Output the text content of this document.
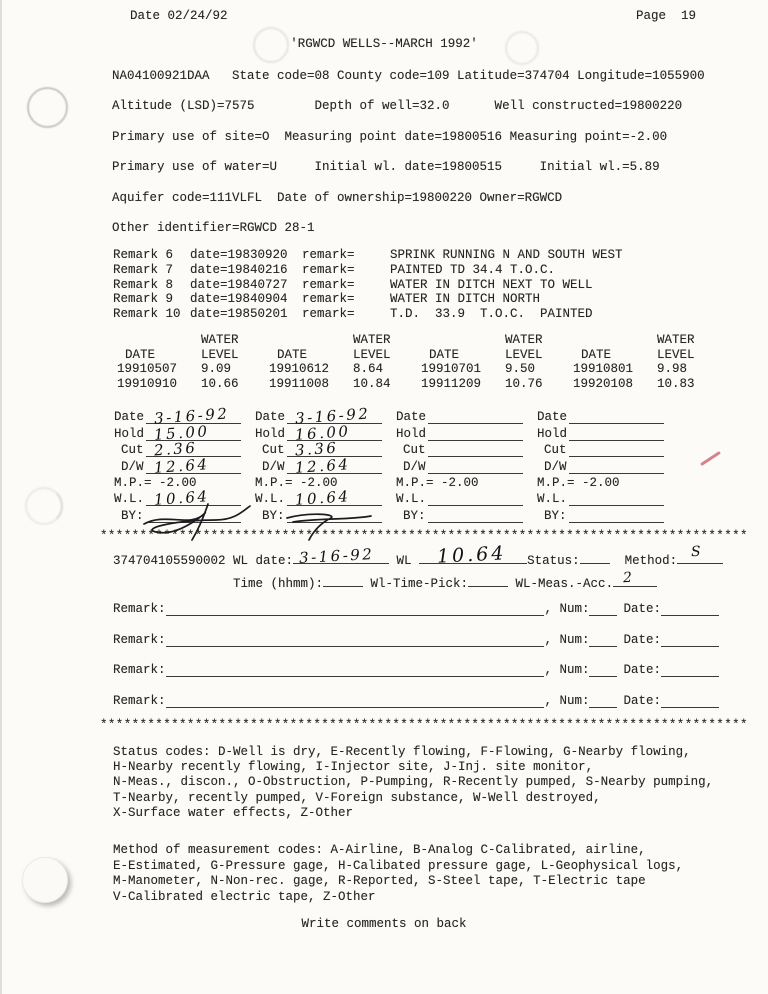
Date 02/24/92	Page  19
'RGWCD WELLS--MARCH 1992'
NA04100921DAA   State code=08 County code=109 Latitude=374704 Longitude=1055900
Altitude (LSD)=7575        Depth of well=32.0      Well constructed=19800220
Primary use of site=O  Measuring point date=19800516 Measuring point=-2.00
Primary use of water=U     Initial wl. date=19800515     Initial wl.=5.89
Aquifer code=111VLFL  Date of ownership=19800220 Owner=RGWCD
Other identifier=RGWCD 28-1
Remark 6	date=19830920	remark=	SPRINK RUNNING N AND SOUTH WEST
Remark 7	date=19840216	remark=	PAINTED TD 34.4 T.O.C.
Remark 8	date=19840727	remark=	WATER IN DITCH NEXT TO WELL
Remark 9	date=19840904	remark=	WATER IN DITCH NORTH
Remark 10 date=19850201	remark=	T.D.  33.9  T.O.C.  PAINTED
WATER
DATE	LEVEL
19910507	9.09
19910910	10.66
WATER
DATE	LEVEL
19910612	8.64
19911008	10.84
WATER
DATE	LEVEL
19910701	9.50
19911209	10.76
WATER
DATE	LEVEL
19910801	9.98
19920108	10.83
Date 3-16-92
Hold 15.00
Cut 2.36
D/W 12.64
M.P.= -2.00
W.L. 10.64
BY:
Date 3-16-92
Hold 16.00
Cut 3.36
D/W 12.64
M.P.= -2.00
W.L. 10.64
BY:
Date
Hold
Cut
D/W
M.P.= -2.00
W.L.
BY:
Date
Hold
Cut
D/W
M.P.= -2.00
W.L.
BY:
**********************************************************************************
374704105590002 WL date: 3-16-92 WL 10.64 Status:
Method:
S
Time (hhmm):	Wl-Time-Pick:	WL-Meas.-Acc. 2
Remark:	, Num:	Date:
Remark:	, Num:	Date:
Remark:	, Num:	Date:
Remark:	, Num:	Date:
**********************************************************************************
Status codes: D-Well is dry, E-Recently flowing, F-Flowing, G-Nearby flowing,
H-Nearby recently flowing, I-Injector site, J-Inj. site monitor,
N-Meas., discon., O-Obstruction, P-Pumping, R-Recently pumped, S-Nearby pumping,
T-Nearby, recently pumped, V-Foreign substance, W-Well destroyed,
X-Surface water effects, Z-Other
Method of measurement codes: A-Airline, B-Analog C-Calibrated, airline,
E-Estimated, G-Pressure gage, H-Calibated pressure gage, L-Geophysical logs,
M-Manometer, N-Non-rec. gage, R-Reported, S-Steel tape, T-Electric tape
V-Calibrated electric tape, Z-Other
Write comments on back
